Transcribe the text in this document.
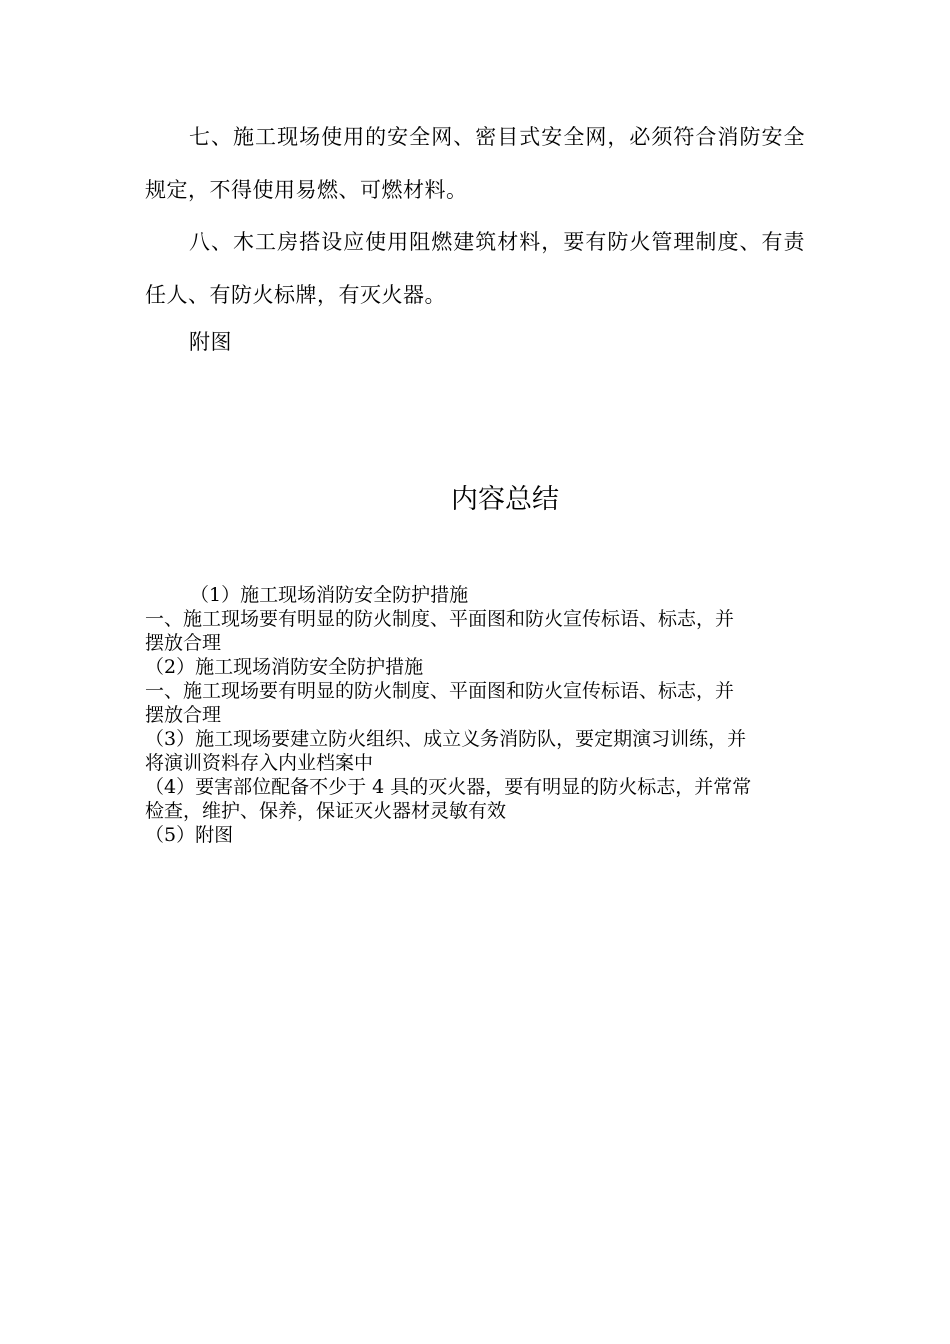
七、施工现场使用的安全网、密目式安全网，必须符合消防安全规定，不得使用易燃、可燃材料。

八、木工房搭设应使用阻燃建筑材料，要有防火管理制度、有责任人、有防火标牌，有灭火器。

附图

内容总结

（1）施工现场消防安全防护措施

一、施工现场要有明显的防火制度、平面图和防火宣传标语、标志，并

摆放合理

（2）施工现场消防安全防护措施

一、施工现场要有明显的防火制度、平面图和防火宣传标语、标志，并

摆放合理

（3）施工现场要建立防火组织、成立义务消防队，要定期演习训练，并

将演训资料存入内业档案中

（4）要害部位配备不少于 4 具的灭火器，要有明显的防火标志，并常常

检查，维护、保养，保证灭火器材灵敏有效

（5）附图
